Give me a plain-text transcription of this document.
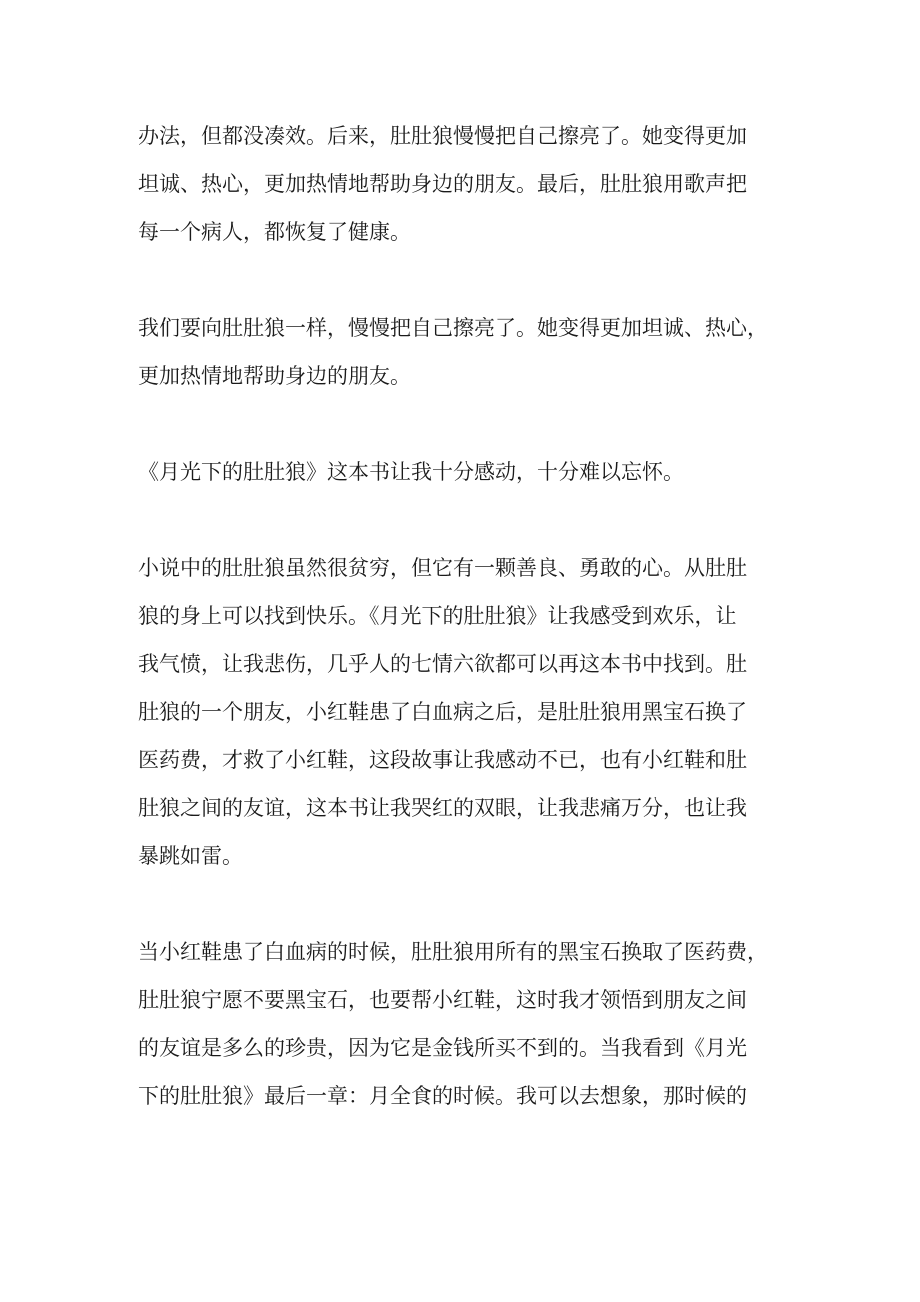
办法，但都没凑效。后来，肚肚狼慢慢把自己擦亮了。她变得更加
坦诚、热心，更加热情地帮助身边的朋友。最后，肚肚狼用歌声把
每一个病人，都恢复了健康。

我们要向肚肚狼一样，慢慢把自己擦亮了。她变得更加坦诚、热心，
更加热情地帮助身边的朋友。

《月光下的肚肚狼》这本书让我十分感动，十分难以忘怀。

小说中的肚肚狼虽然很贫穷，但它有一颗善良、勇敢的心。从肚肚
狼的身上可以找到快乐。《月光下的肚肚狼》让我感受到欢乐，让
我气愤，让我悲伤，几乎人的七情六欲都可以再这本书中找到。肚
肚狼的一个朋友，小红鞋患了白血病之后，是肚肚狼用黑宝石换了
医药费，才救了小红鞋，这段故事让我感动不已，也有小红鞋和肚
肚狼之间的友谊，这本书让我哭红的双眼，让我悲痛万分，也让我
暴跳如雷。

当小红鞋患了白血病的时候，肚肚狼用所有的黑宝石换取了医药费，
肚肚狼宁愿不要黑宝石，也要帮小红鞋，这时我才领悟到朋友之间
的友谊是多么的珍贵，因为它是金钱所买不到的。当我看到《月光
下的肚肚狼》最后一章：月全食的时候。我可以去想象，那时候的
